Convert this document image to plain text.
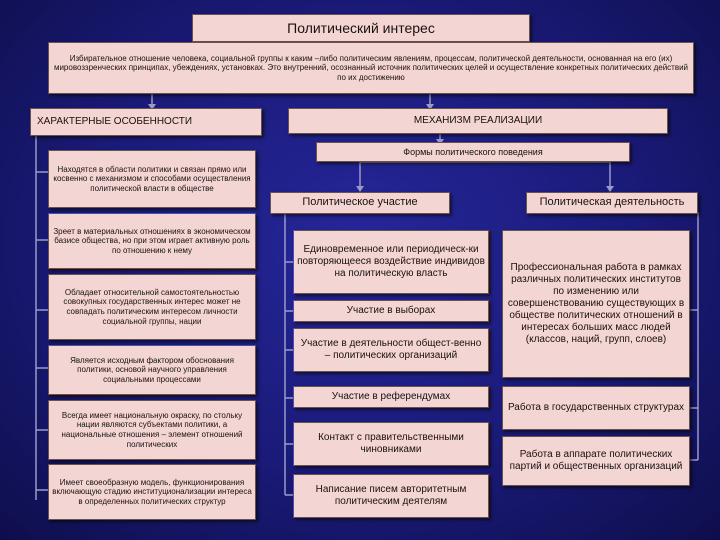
Политический интерес
Избирательное отношение человека, социальной группы к каким –либо политическим явлениям, процессам, политической деятельности, основанная на его (их) мировоззренческих принципах, убеждениях, установках. Это внутренний, осознанный источник политических целей и осуществление конкретных политических действий по их достижению
ХАРАКТЕРНЫЕ ОСОБЕННОСТИ	МЕХАНИЗМ РЕАЛИЗАЦИИ
Формы политического поведения
Находятся в области политики и связан прямо или косвенно с механизмом и способами осуществления политической власти в обществе
Зреет в материальных отношениях в экономическом базисе общества, но при этом играет активную роль по отношению к нему
Обладает относительной самостоятельностью совокупных государственных интерес может не совпадать политическим интересом личности социальной группы, нации
Является исходным фактором обоснования политики, основой научного управления социальными процессами
Всегда имеет национальную окраску, по стольку нации являются субъектами политики, а национальные отношения – элемент отношений политических
Имеет своеобразную модель, функционирования включающую стадию институционализации интереса в определенных политических структур
Политическое участие
Единовременное или периодическ-ки повторяющееся воздействие индивидов на политическую власть
Участие в выборах
Участие в деятельности общест-венно – политических организаций
Участие в референдумах
Контакт с правительственными чиновниками
Написание писем авторитетным политическим деятелям
Политическая деятельность
Профессиональная работа в рамках различных политических институтов по изменению или совершенствованию существующих в обществе политических отношений в интересах больших масс людей (классов, наций, групп, слоев)
Работа в государственных структурах
Работа в аппарате политических партий и общественных организаций
